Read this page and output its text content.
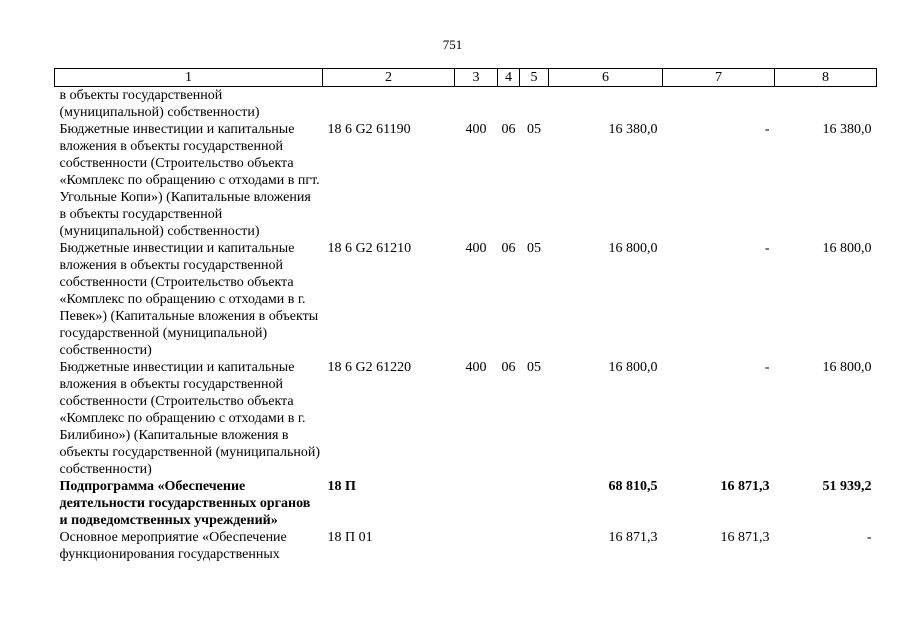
751
1	2	3	4	5	6	7	8
в объекты государственной (муниципальной) собственности)							
Бюджетные инвестиции и капитальные вложения в объекты государственной собственности (Строительство объекта «Комплекс по обращению с отходами в пгт. Угольные Копи») (Капитальные вложения в объекты государственной (муниципальной) собственности)	18 6 G2 61190	400	06	05	16 380,0	-	16 380,0
Бюджетные инвестиции и капитальные вложения в объекты государственной собственности (Строительство объекта «Комплекс по обращению с отходами в г. Певек») (Капитальные вложения в объекты государственной (муниципальной) собственности)	18 6 G2 61210	400	06	05	16 800,0	-	16 800,0
Бюджетные инвестиции и капитальные вложения в объекты государственной собственности (Строительство объекта «Комплекс по обращению с отходами в г. Билибино») (Капитальные вложения в объекты государственной (муниципальной) собственности)	18 6 G2 61220	400	06	05	16 800,0	-	16 800,0
Подпрограмма «Обеспечение деятельности государственных органов и подведомственных учреждений»	18 П				68 810,5	16 871,3	51 939,2
Основное мероприятие «Обеспечение функционирования государственных	18 П 01				16 871,3	16 871,3	-
